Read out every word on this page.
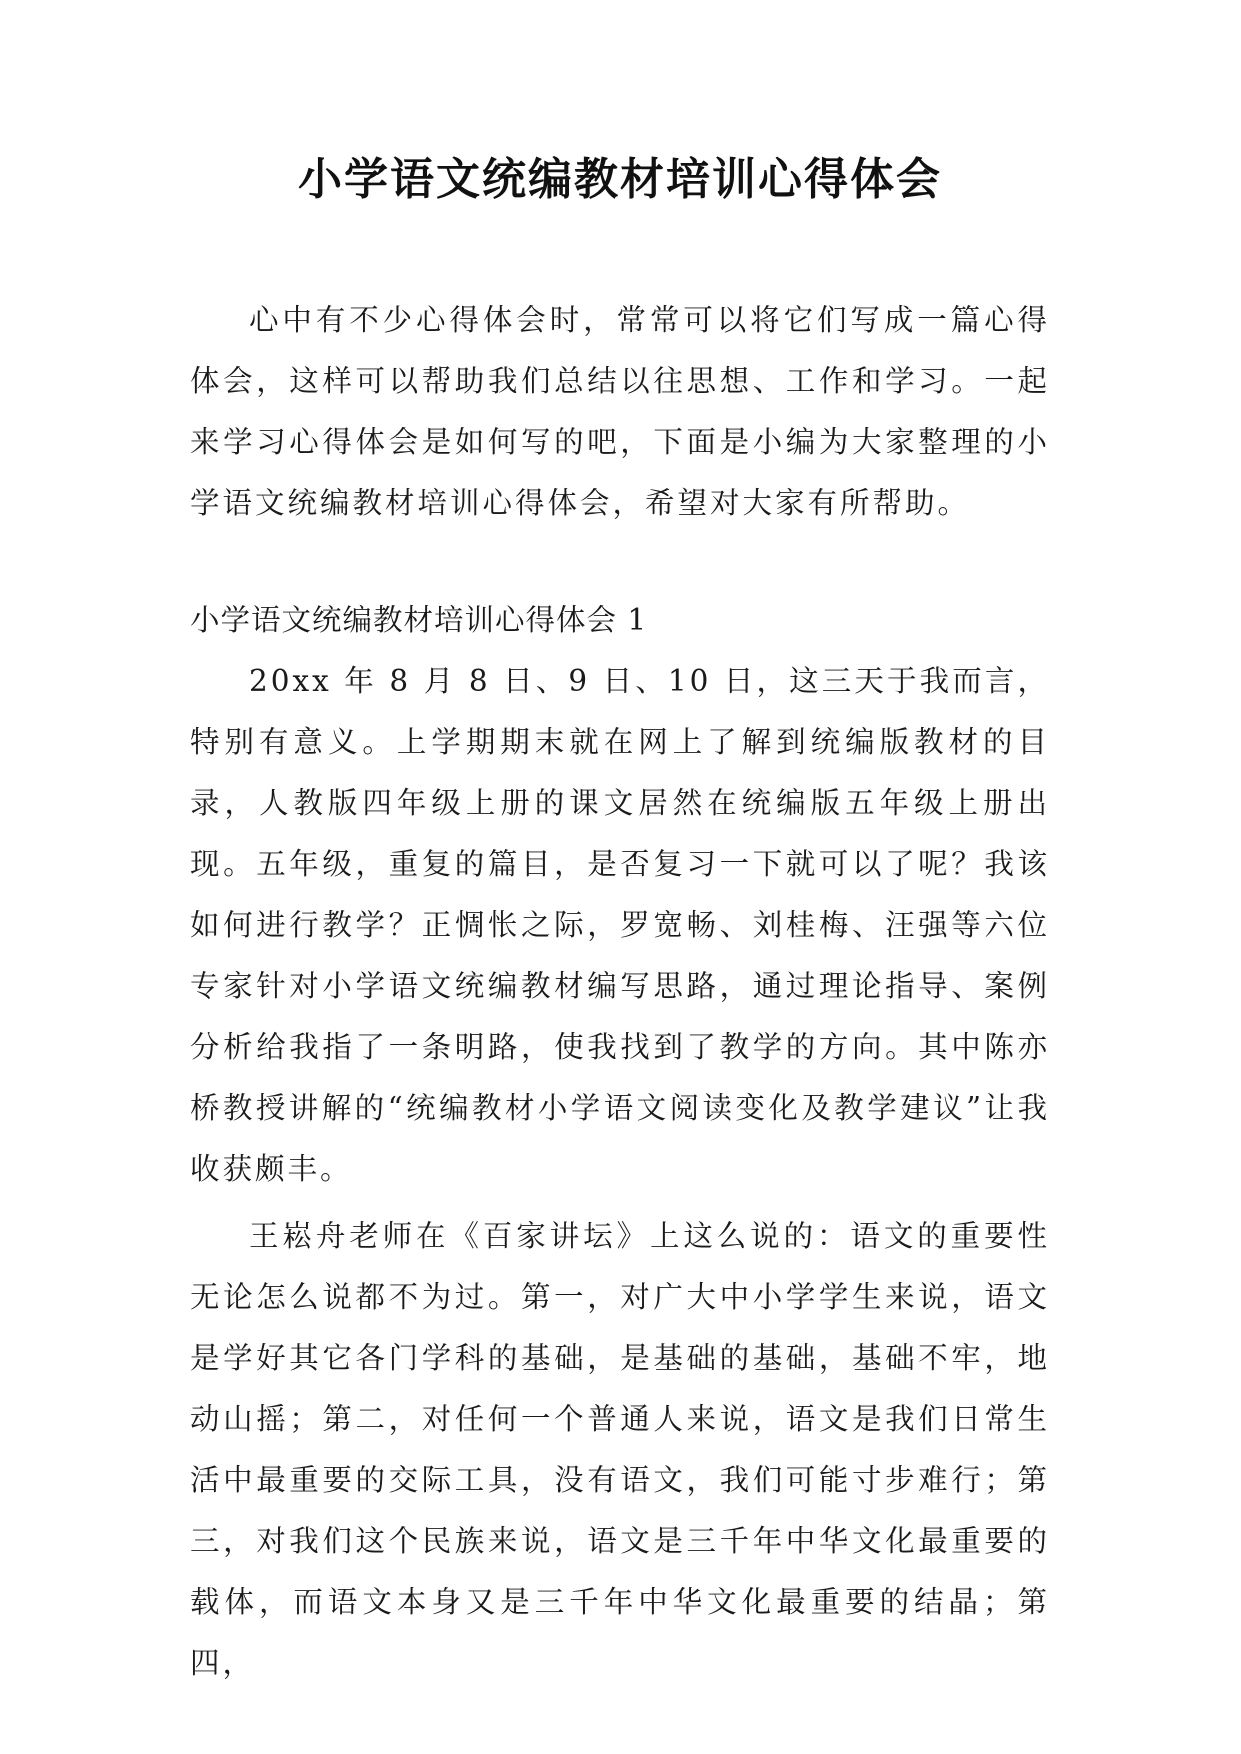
小学语文统编教材培训心得体会

心中有不少心得体会时，常常可以将它们写成一篇心得体会，这样可以帮助我们总结以往思想、工作和学习。一起来学习心得体会是如何写的吧，下面是小编为大家整理的小学语文统编教材培训心得体会，希望对大家有所帮助。

小学语文统编教材培训心得体会 1

20xx 年 8 月 8 日、9 日、10 日，这三天于我而言，特别有意义。上学期期末就在网上了解到统编版教材的目录，人教版四年级上册的课文居然在统编版五年级上册出现。五年级，重复的篇目，是否复习一下就可以了呢？我该如何进行教学？正惆怅之际，罗宽畅、刘桂梅、汪强等六位专家针对小学语文统编教材编写思路，通过理论指导、案例分析给我指了一条明路，使我找到了教学的方向。其中陈亦桥教授讲解的“统编教材小学语文阅读变化及教学建议”让我收获颇丰。

王崧舟老师在《百家讲坛》上这么说的：语文的重要性无论怎么说都不为过。第一，对广大中小学学生来说，语文是学好其它各门学科的基础，是基础的基础，基础不牢，地动山摇；第二，对任何一个普通人来说，语文是我们日常生活中最重要的交际工具，没有语文，我们可能寸步难行；第三，对我们这个民族来说，语文是三千年中华文化最重要的载体，而语文本身又是三千年中华文化最重要的结晶；第四，
